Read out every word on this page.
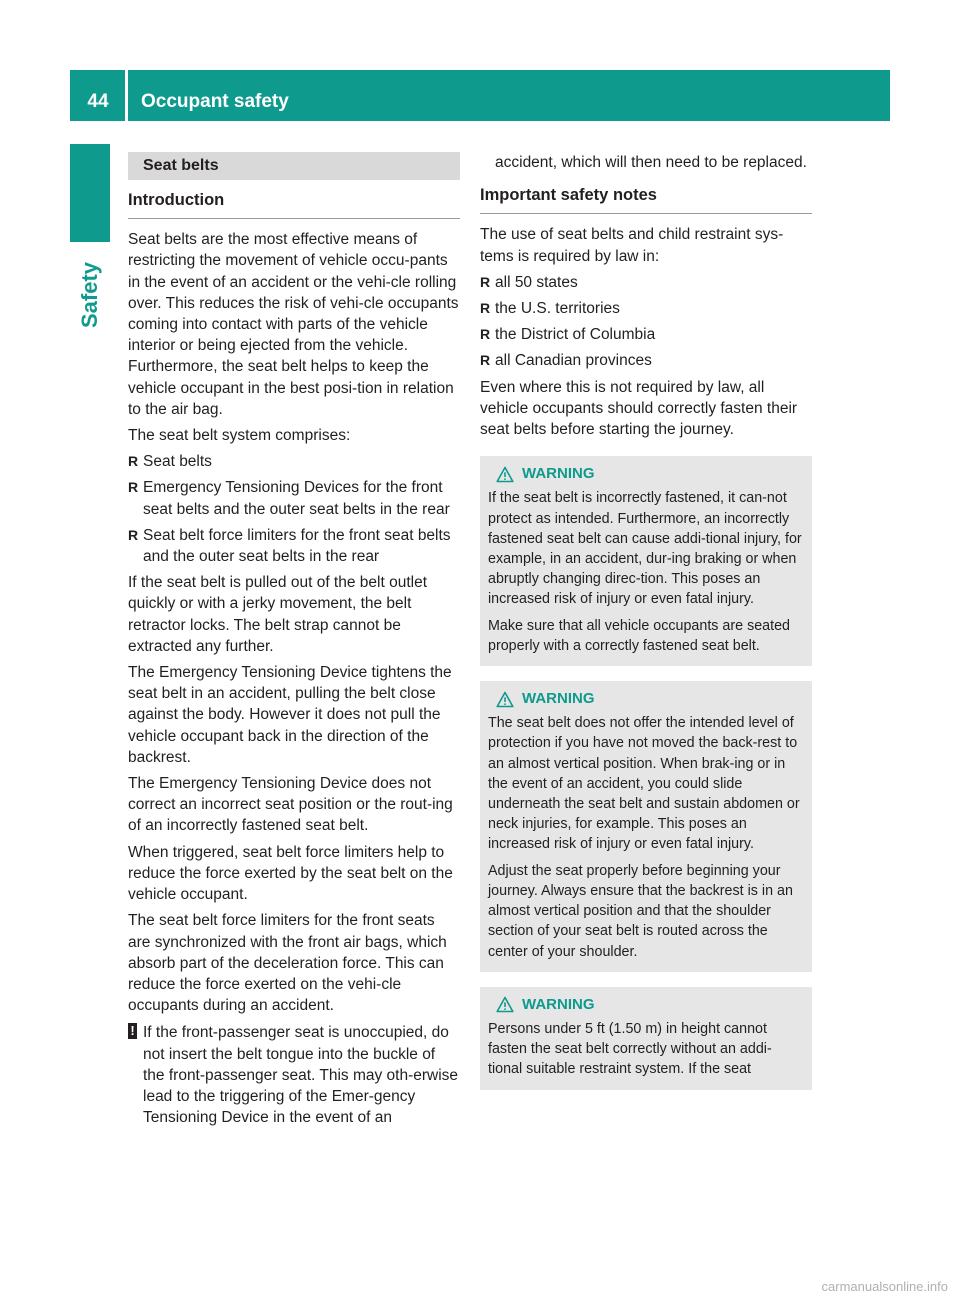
44	Occupant safety
Safety
Seat belts
Introduction

Seat belts are the most effective means of restricting the movement of vehicle occu-pants in the event of an accident or the vehi-cle rolling over. This reduces the risk of vehi-cle occupants coming into contact with parts of the vehicle interior or being ejected from the vehicle. Furthermore, the seat belt helps to keep the vehicle occupant in the best posi-tion in relation to the air bag.

The seat belt system comprises:

R Seat belts
R Emergency Tensioning Devices for the front seat belts and the outer seat belts in the rear
R Seat belt force limiters for the front seat belts and the outer seat belts in the rear

If the seat belt is pulled out of the belt outlet quickly or with a jerky movement, the belt retractor locks. The belt strap cannot be extracted any further.

The Emergency Tensioning Device tightens the seat belt in an accident, pulling the belt close against the body. However it does not pull the vehicle occupant back in the direction of the backrest.

The Emergency Tensioning Device does not correct an incorrect seat position or the rout-ing of an incorrectly fastened seat belt.

When triggered, seat belt force limiters help to reduce the force exerted by the seat belt on the vehicle occupant.

The seat belt force limiters for the front seats are synchronized with the front air bags, which absorb part of the deceleration force. This can reduce the force exerted on the vehi-cle occupants during an accident.

! If the front-passenger seat is unoccupied, do not insert the belt tongue into the buckle of the front-passenger seat. This may oth-erwise lead to the triggering of the Emer-gency Tensioning Device in the event of an

accident, which will then need to be replaced.

Important safety notes

The use of seat belts and child restraint sys-tems is required by law in:

R all 50 states
R the U.S. territories
R the District of Columbia
R all Canadian provinces

Even where this is not required by law, all vehicle occupants should correctly fasten their seat belts before starting the journey.

WARNING

If the seat belt is incorrectly fastened, it can-not protect as intended. Furthermore, an incorrectly fastened seat belt can cause addi-tional injury, for example, in an accident, dur-ing braking or when abruptly changing direc-tion. This poses an increased risk of injury or even fatal injury.

Make sure that all vehicle occupants are seated properly with a correctly fastened seat belt.

WARNING

The seat belt does not offer the intended level of protection if you have not moved the back-rest to an almost vertical position. When brak-ing or in the event of an accident, you could slide underneath the seat belt and sustain abdomen or neck injuries, for example. This poses an increased risk of injury or even fatal injury.

Adjust the seat properly before beginning your journey. Always ensure that the backrest is in an almost vertical position and that the shoulder section of your seat belt is routed across the center of your shoulder.

WARNING

Persons under 5 ft (1.50 m) in height cannot fasten the seat belt correctly without an addi-tional suitable restraint system. If the seat

carmanualsonline.info
